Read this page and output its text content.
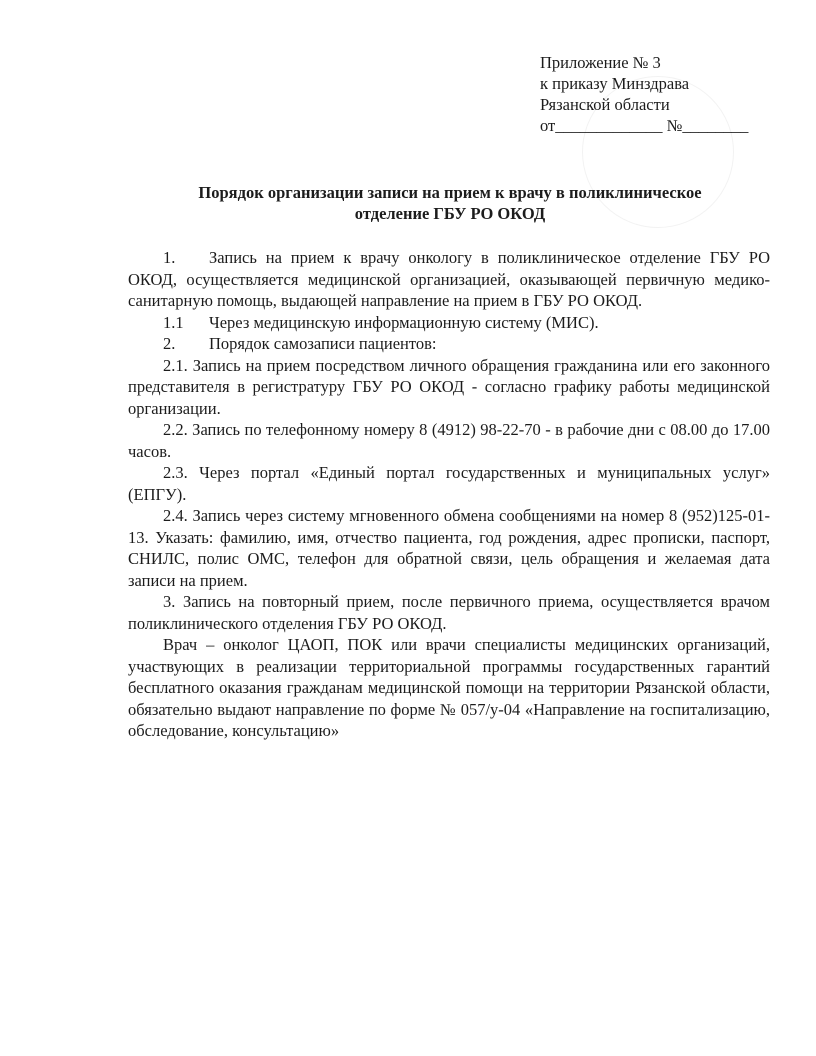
Приложение № 3
к приказу Минздрава
Рязанской области
от_____________ №________
Порядок организации записи на прием к врачу в поликлиническое
отделение ГБУ РО ОКОД

1. Запись на прием к врачу онкологу в поликлиническое отделение ГБУ РО ОКОД, осуществляется медицинской организацией, оказывающей первичную медико-санитарную помощь, выдающей направление на прием в ГБУ РО ОКОД.

1.1 Через медицинскую информационную систему (МИС).

2. Порядок самозаписи пациентов:

2.1. Запись на прием посредством личного обращения гражданина или его законного представителя в регистратуру ГБУ РО ОКОД - согласно графику работы медицинской организации.

2.2. Запись по телефонному номеру 8 (4912) 98-22-70 - в рабочие дни с 08.00 до 17.00 часов.

2.3. Через портал «Единый портал государственных и муниципальных услуг» (ЕПГУ).

2.4. Запись через систему мгновенного обмена сообщениями на номер 8 (952)125-01-13. Указать: фамилию, имя, отчество пациента, год рождения, адрес прописки, паспорт, СНИЛС, полис ОМС, телефон для обратной связи, цель обращения и желаемая дата записи на прием.

3. Запись на повторный прием, после первичного приема, осуществляется врачом поликлинического отделения ГБУ РО ОКОД.

Врач – онколог ЦАОП, ПОК или врачи специалисты медицинских организаций, участвующих в реализации территориальной программы государственных гарантий бесплатного оказания гражданам медицинской помощи на территории Рязанской области, обязательно выдают направление по форме № 057/у-04 «Направление на госпитализацию, обследование, консультацию»
